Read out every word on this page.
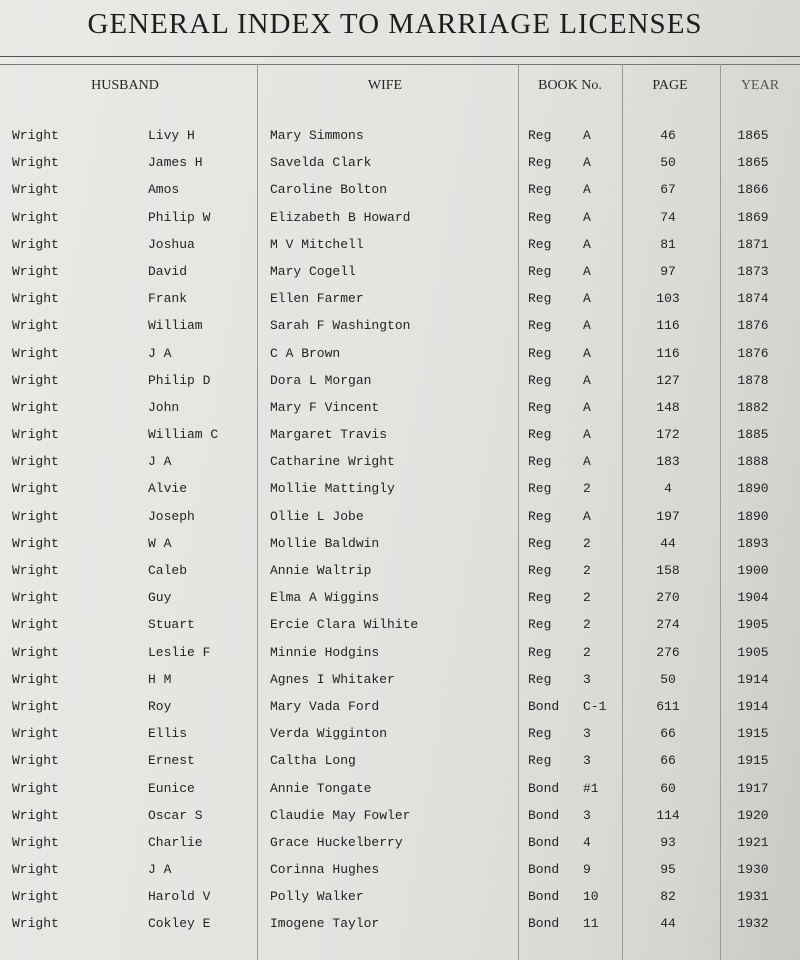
GENERAL INDEX TO MARRIAGE LICENSES
HUSBAND	WIFE	BOOK No.	PAGE	YEAR
Wright	Livy H	Mary Simmons	Reg A	46	1865
Wright	James H	Savelda Clark	Reg A	50	1865
Wright	Amos	Caroline Bolton	Reg A	67	1866
Wright	Philip W	Elizabeth B Howard	Reg A	74	1869
Wright	Joshua	M V Mitchell	Reg A	81	1871
Wright	David	Mary Cogell	Reg A	97	1873
Wright	Frank	Ellen Farmer	Reg A	103	1874
Wright	William	Sarah F Washington	Reg A	116	1876
Wright	J A	C A Brown	Reg A	116	1876
Wright	Philip D	Dora L Morgan	Reg A	127	1878
Wright	John	Mary F Vincent	Reg A	148	1882
Wright	William C	Margaret Travis	Reg A	172	1885
Wright	J A	Catharine Wright	Reg A	183	1888
Wright	Alvie	Mollie Mattingly	Reg 2	4	1890
Wright	Joseph	Ollie L Jobe	Reg A	197	1890
Wright	W A	Mollie Baldwin	Reg 2	44	1893
Wright	Caleb	Annie Waltrip	Reg 2	158	1900
Wright	Guy	Elma A Wiggins	Reg 2	270	1904
Wright	Stuart	Ercie Clara Wilhite	Reg 2	274	1905
Wright	Leslie F	Minnie Hodgins	Reg 2	276	1905
Wright	H M	Agnes I Whitaker	Reg 3	50	1914
Wright	Roy	Mary Vada Ford	Bond C-1	611	1914
Wright	Ellis	Verda Wigginton	Reg 3	66	1915
Wright	Ernest	Caltha Long	Reg 3	66	1915
Wright	Eunice	Annie Tongate	Bond #1	60	1917
Wright	Oscar S	Claudie May Fowler	Bond 3	114	1920
Wright	Charlie	Grace Huckelberry	Bond 4	93	1921
Wright	J A	Corinna Hughes	Bond 9	95	1930
Wright	Harold V	Polly Walker	Bond 10	82	1931
Wright	Cokley E	Imogene Taylor	Bond 11	44	1932
